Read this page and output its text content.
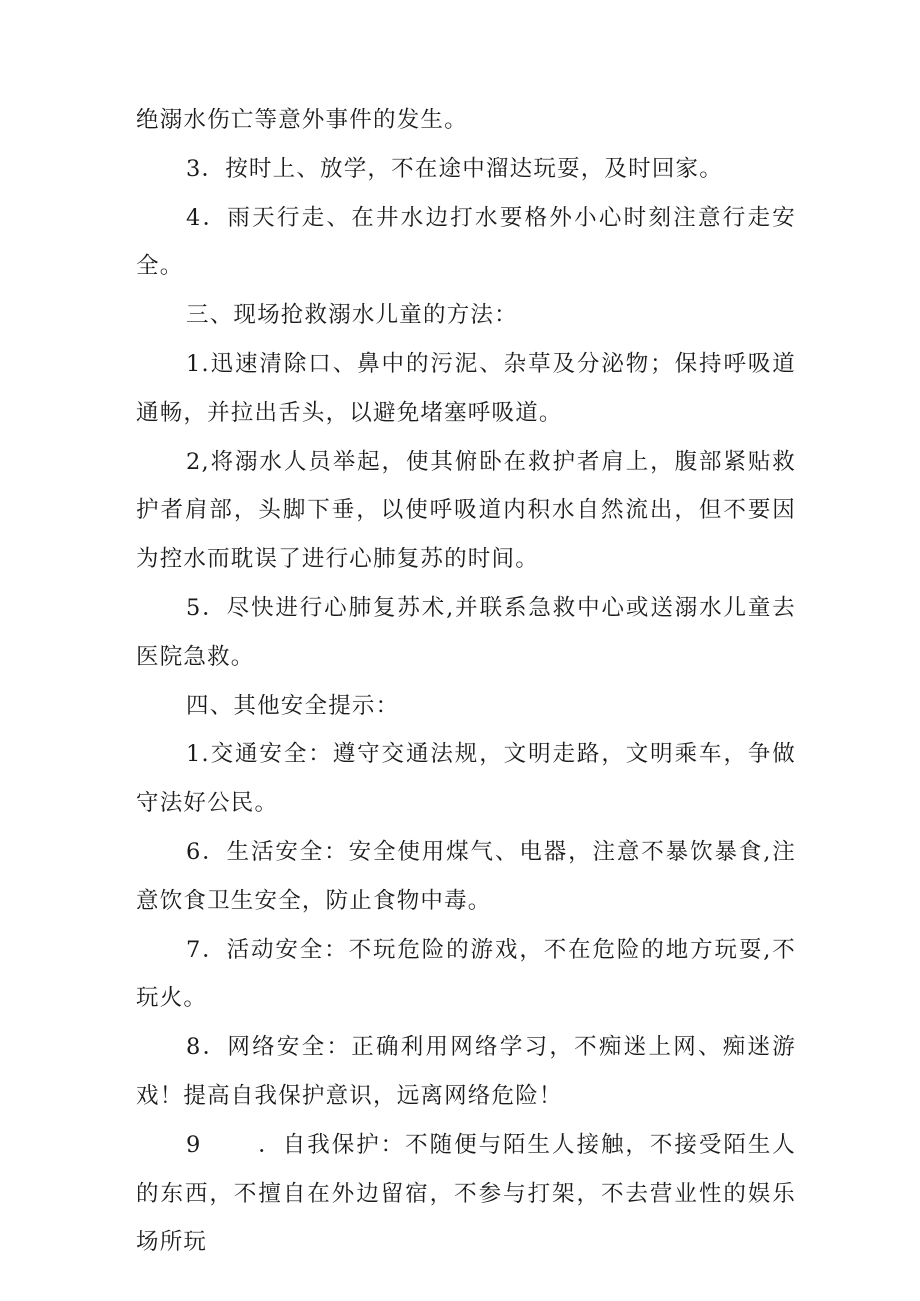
绝溺水伤亡等意外事件的发生。

3．按时上、放学，不在途中溜达玩耍，及时回家。

4．雨天行走、在井水边打水要格外小心时刻注意行走安全。

三、现场抢救溺水儿童的方法：

1.迅速清除口、鼻中的污泥、杂草及分泌物；保持呼吸道通畅，并拉出舌头，以避免堵塞呼吸道。

2,将溺水人员举起，使其俯卧在救护者肩上，腹部紧贴救护者肩部，头脚下垂，以使呼吸道内积水自然流出，但不要因为控水而耽误了进行心肺复苏的时间。

5．尽快进行心肺复苏术,并联系急救中心或送溺水儿童去医院急救。

四、其他安全提示：

1.交通安全：遵守交通法规，文明走路，文明乘车，争做守法好公民。

6．生活安全：安全使用煤气、电器，注意不暴饮暴食,注意饮食卫生安全，防止食物中毒。

7．活动安全：不玩危险的游戏，不在危险的地方玩耍,不玩火。

8．网络安全：正确利用网络学习，不痴迷上网、痴迷游戏！提高自我保护意识，远离网络危险！

9 ．自我保护：不随便与陌生人接触，不接受陌生人的东西，不擅自在外边留宿，不参与打架，不去营业性的娱乐场所玩
